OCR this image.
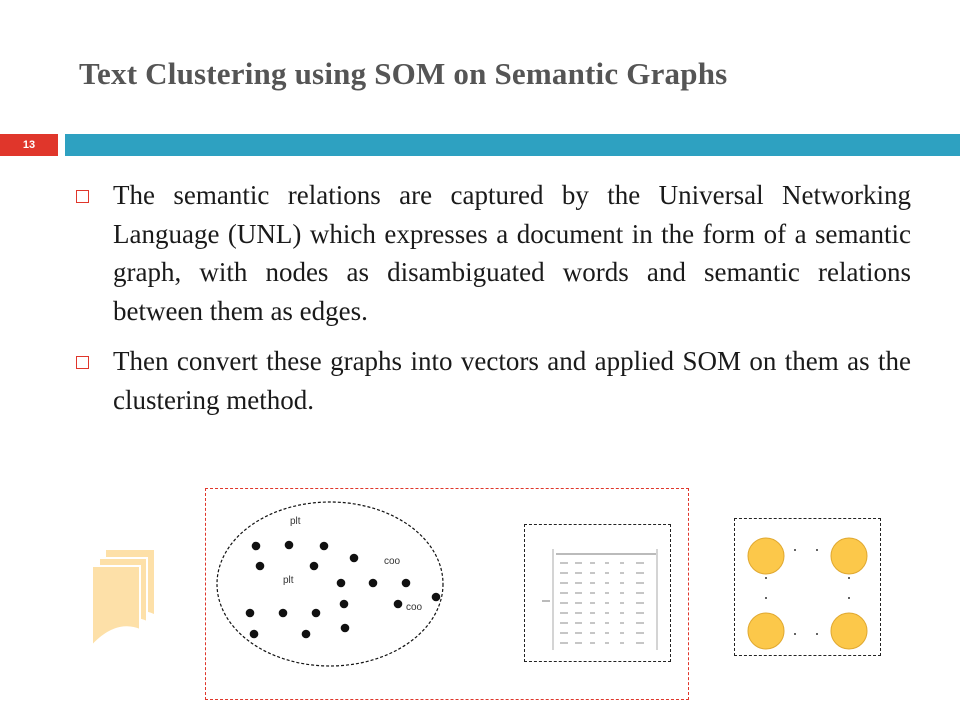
Text Clustering using SOM on Semantic Graphs
13

The semantic relations are captured by the Universal Networking Language (UNL) which expresses a document in the form of a semantic graph, with nodes as disambiguated words and semantic relations between them as edges.

Then convert these graphs into vectors and applied SOM on them as the clustering method.

plt
plt
coo
coo
